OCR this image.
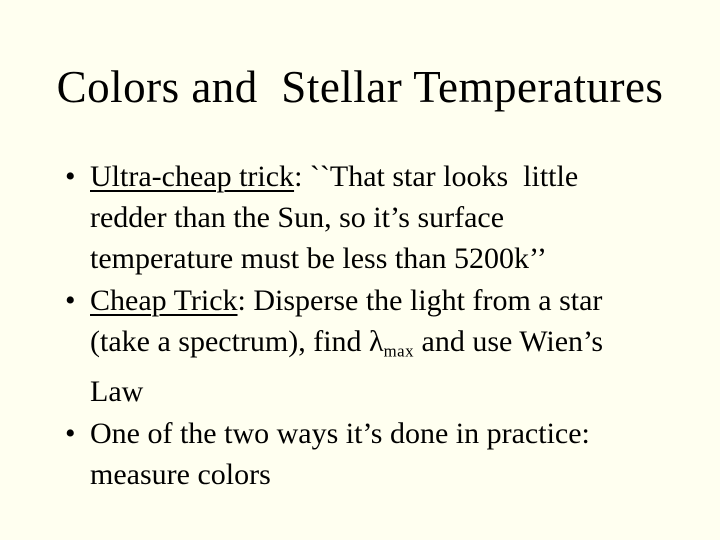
Colors and  Stellar Temperatures
• Ultra-cheap trick: ``That star looks  little
redder than the Sun, so it’s surface
temperature must be less than 5200k’’
• Cheap Trick: Disperse the light from a star
(take a spectrum), find λmax and use Wien’s
Law
• One of the two ways it’s done in practice:
measure colors
